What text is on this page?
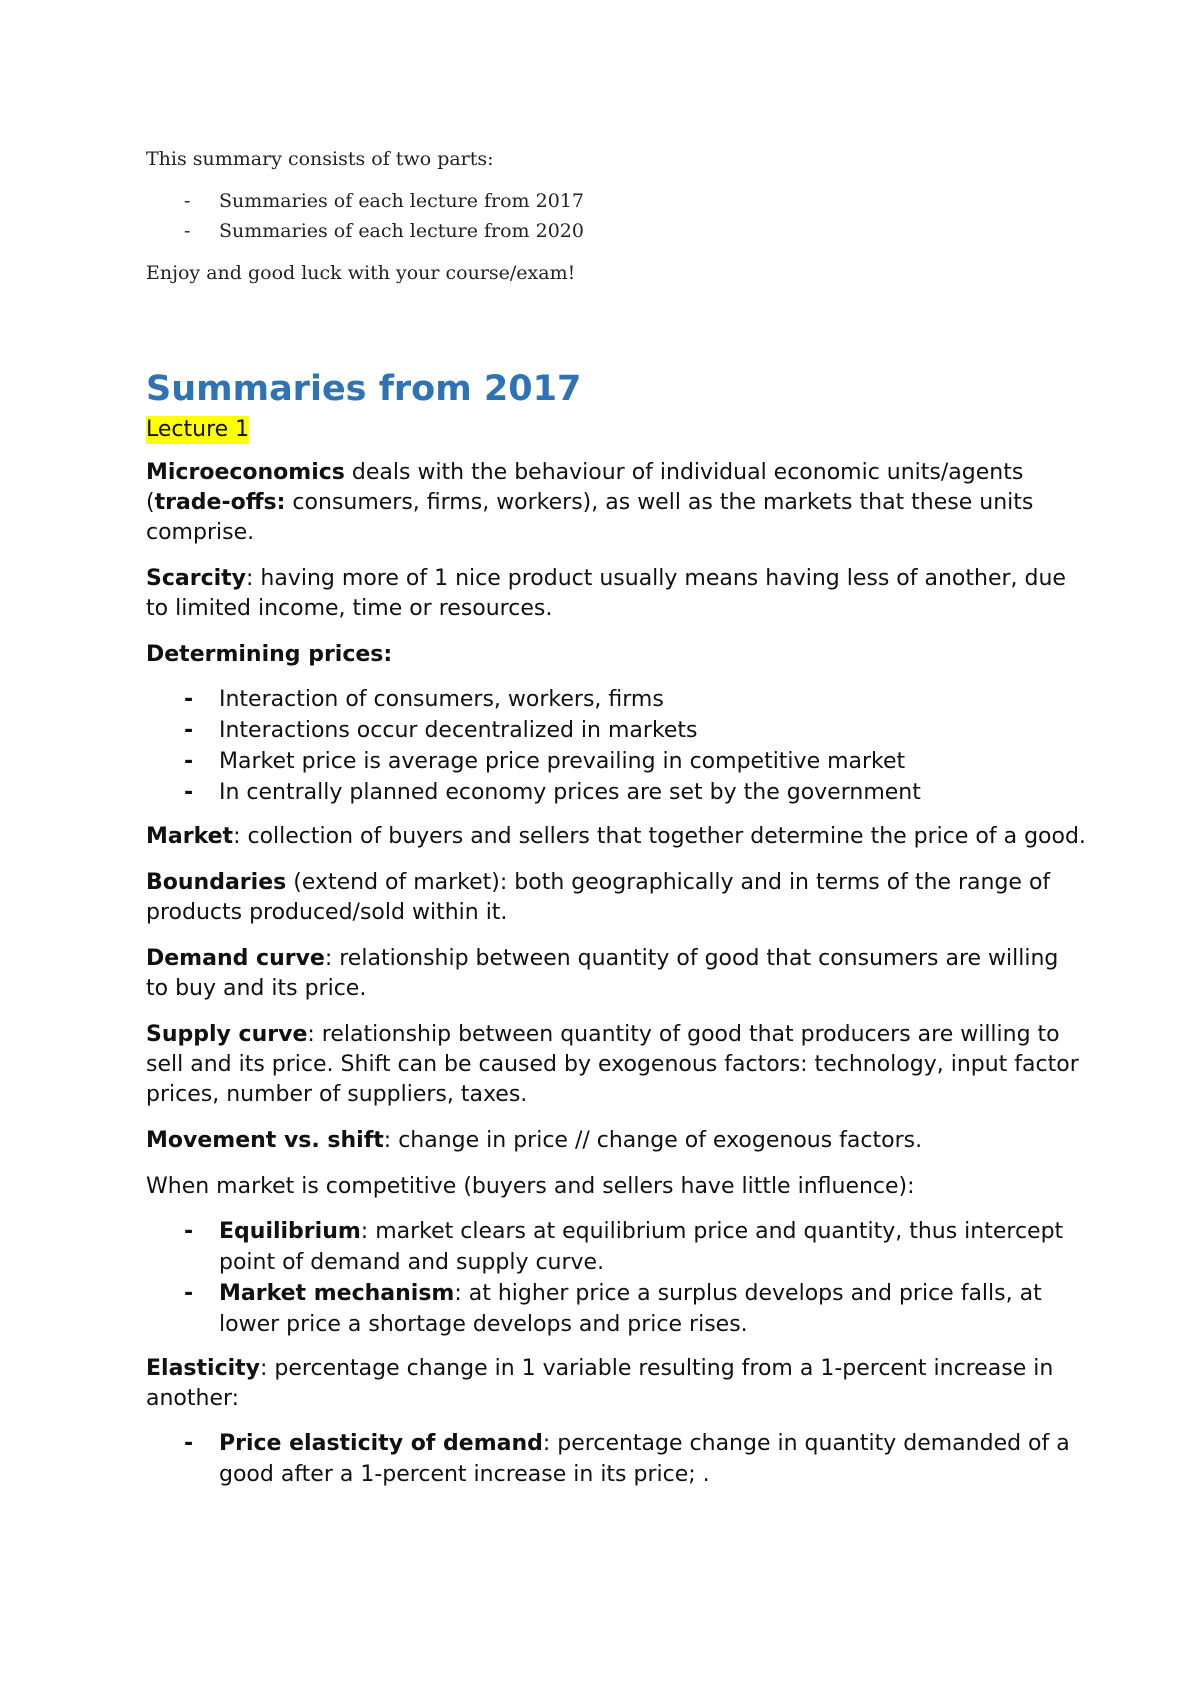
This summary consists of two parts:

- Summaries of each lecture from 2017
- Summaries of each lecture from 2020

Enjoy and good luck with your course/exam!

Summaries from 2017
Lecture 1

Microeconomics deals with the behaviour of individual economic units/agents (trade-offs: consumers, firms, workers), as well as the markets that these units comprise.

Scarcity: having more of 1 nice product usually means having less of another, due to limited income, time or resources.

Determining prices:

- Interaction of consumers, workers, firms
- Interactions occur decentralized in markets
- Market price is average price prevailing in competitive market
- In centrally planned economy prices are set by the government

Market: collection of buyers and sellers that together determine the price of a good.

Boundaries (extend of market): both geographically and in terms of the range of products produced/sold within it.

Demand curve: relationship between quantity of good that consumers are willing to buy and its price.

Supply curve: relationship between quantity of good that producers are willing to sell and its price. Shift can be caused by exogenous factors: technology, input factor prices, number of suppliers, taxes.

Movement vs. shift: change in price // change of exogenous factors.

When market is competitive (buyers and sellers have little influence):

- Equilibrium: market clears at equilibrium price and quantity, thus intercept point of demand and supply curve.
- Market mechanism: at higher price a surplus develops and price falls, at lower price a shortage develops and price rises.

Elasticity: percentage change in 1 variable resulting from a 1-percent increase in another:

- Price elasticity of demand: percentage change in quantity demanded of a good after a 1-percent increase in its price; .
